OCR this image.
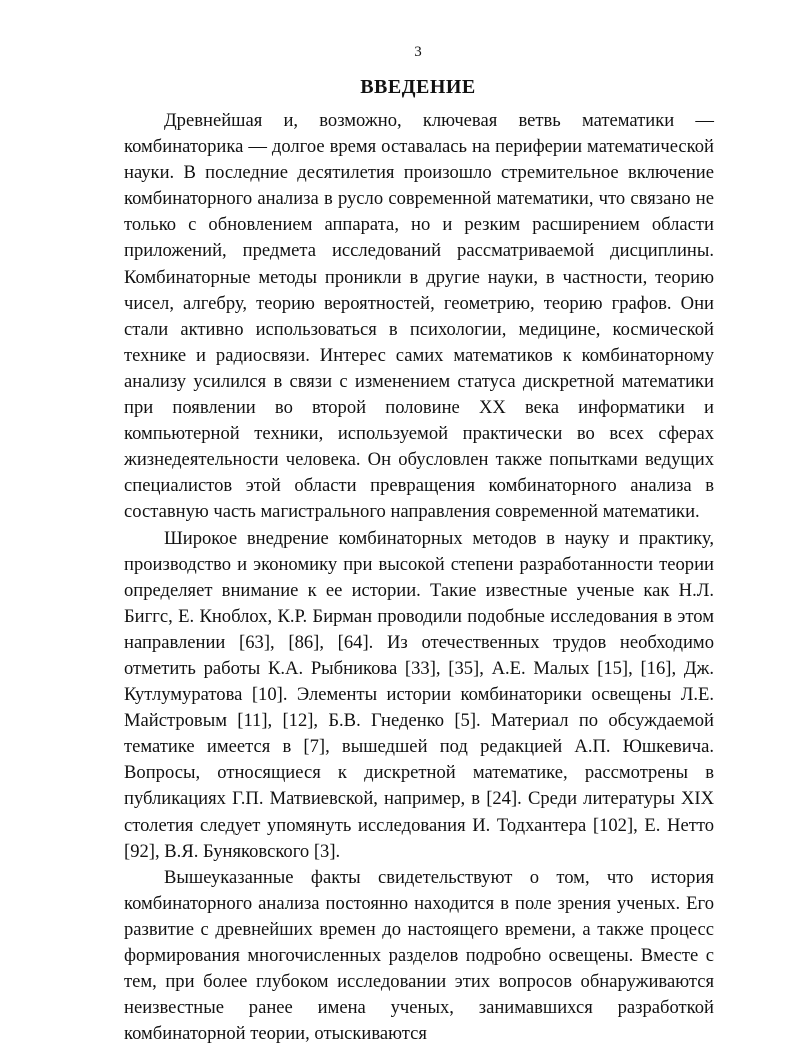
3
ВВЕДЕНИЕ

Древнейшая и, возможно, ключевая ветвь математики — комбинаторика — долгое время оставалась на периферии математической науки. В последние десятилетия произошло стремительное включение комбинаторного анализа в русло современной математики, что связано не только с обновлением аппарата, но и резким расширением области приложений, предмета исследований рассматриваемой дисциплины. Комбинаторные методы проникли в другие науки, в частности, теорию чисел, алгебру, теорию вероятностей, геометрию, теорию графов. Они стали активно использоваться в психологии, медицине, космической технике и радиосвязи. Интерес самих математиков к комбинаторному анализу усилился в связи с изменением статуса дискретной математики при появлении во второй половине XX века информатики и компьютерной техники, используемой практически во всех сферах жизнедеятельности человека. Он обусловлен также попытками ведущих специалистов этой области превращения комбинаторного анализа в составную часть магистрального направления современной математики.

Широкое внедрение комбинаторных методов в науку и практику, производство и экономику при высокой степени разработанности теории определяет внимание к ее истории. Такие известные ученые как Н.Л. Биггс, Е. Кноблох, К.Р. Бирман проводили подобные исследования в этом направлении [63], [86], [64]. Из отечественных трудов необходимо отметить работы К.А. Рыбникова [33], [35], А.Е. Малых [15], [16], Дж. Кутлумуратова [10]. Элементы истории комбинаторики освещены Л.Е. Майстровым [11], [12], Б.В. Гнеденко [5]. Материал по обсуждаемой тематике имеется в [7], вышедшей под редакцией А.П. Юшкевича. Вопросы, относящиеся к дискретной математике, рассмотрены в публикациях Г.П. Матвиевской, например, в [24]. Среди литературы XIX столетия следует упомянуть исследования И. Тодхантера [102], Е. Нетто [92], В.Я. Буняковского [3].

Вышеуказанные факты свидетельствуют о том, что история комбинаторного анализа постоянно находится в поле зрения ученых. Его развитие с древнейших времен до настоящего времени, а также процесс формирования многочисленных разделов подробно освещены. Вместе с тем, при более глубоком исследовании этих вопросов обнаруживаются неизвестные ранее имена ученых, занимавшихся разработкой комбинаторной теории, отыскиваются
